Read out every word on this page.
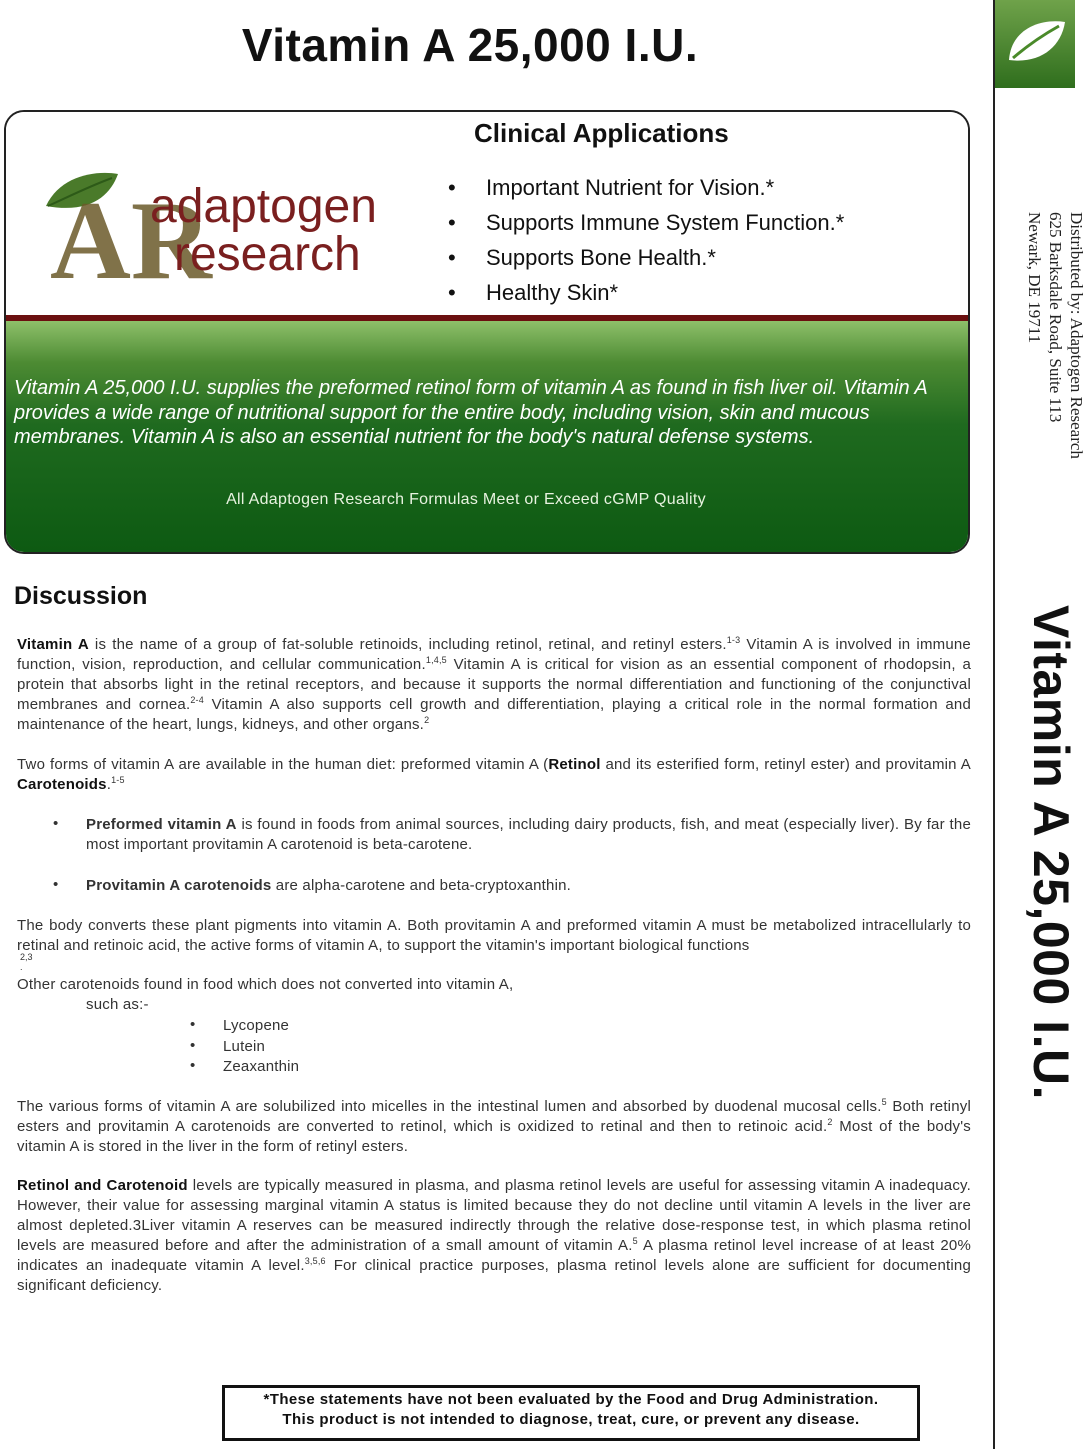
Vitamin A 25,000 I.U.
AR
adaptogen
research
Clinical Applications
• Important Nutrient for Vision.*
• Supports Immune System Function.*
• Supports Bone Health.*
• Healthy Skin*

Vitamin A 25,000 I.U. supplies the preformed retinol form of vitamin A as found in fish liver oil. Vitamin A provides a wide range of nutritional support for the entire body, including vision, skin and mucous membranes. Vitamin A is also an essential nutrient for the body's natural defense systems.

All Adaptogen Research Formulas Meet or Exceed cGMP Quality
Distributed by: Adaptogen Research
625 Barksdale Road, Suite 113
Newark, DE 19711
Vitamin A 25,000 I.U.
Discussion

Vitamin A is the name of a group of fat-soluble retinoids, including retinol, retinal, and retinyl esters.$^{1-3}$ Vitamin A is involved in immune function, vision, reproduction, and cellular communication.$^{1,4,5}$ Vitamin A is critical for vision as an essential component of rhodopsin, a protein that absorbs light in the retinal receptors, and because it supports the normal differentiation and functioning of the conjunctival membranes and cornea.$^{2-4}$ Vitamin A also supports cell growth and differentiation, playing a critical role in the normal formation and maintenance of the heart, lungs, kidneys, and other organs.$^2$

Two forms of vitamin A are available in the human diet: preformed vitamin A (Retinol and its esterified form, retinyl ester) and provitamin A Carotenoids.$^{1-5}$

• Preformed vitamin A is found in foods from animal sources, including dairy products, fish, and meat (especially liver). By far the most important provitamin A carotenoid is beta-carotene.
• Provitamin A carotenoids are alpha-carotene and beta-cryptoxanthin.

The body converts these plant pigments into vitamin A. Both provitamin A and preformed vitamin A must be metabolized intracellularly to retinal and retinoic acid, the active forms of vitamin A, to support the vitamin's important biological functions

2,3
.
Other carotenoids found in food which does not converted into vitamin A,
such as:-
• Lycopene
• Lutein
• Zeaxanthin

The various forms of vitamin A are solubilized into micelles in the intestinal lumen and absorbed by duodenal mucosal cells.$^5$ Both retinyl esters and provitamin A carotenoids are converted to retinol, which is oxidized to retinal and then to retinoic acid.$^2$ Most of the body's vitamin A is stored in the liver in the form of retinyl esters.

Retinol and Carotenoid levels are typically measured in plasma, and plasma retinol levels are useful for assessing vitamin A inadequacy. However, their value for assessing marginal vitamin A status is limited because they do not decline until vitamin A levels in the liver are almost depleted.3Liver vitamin A reserves can be measured indirectly through the relative dose-response test, in which plasma retinol levels are measured before and after the administration of a small amount of vitamin A.$^5$ A plasma retinol level increase of at least 20% indicates an inadequate vitamin A level.$^{3,5,6}$ For clinical practice purposes, plasma retinol levels alone are sufficient for documenting significant deficiency.

*These statements have not been evaluated by the Food and Drug Administration.
This product is not intended to diagnose, treat, cure, or prevent any disease.
